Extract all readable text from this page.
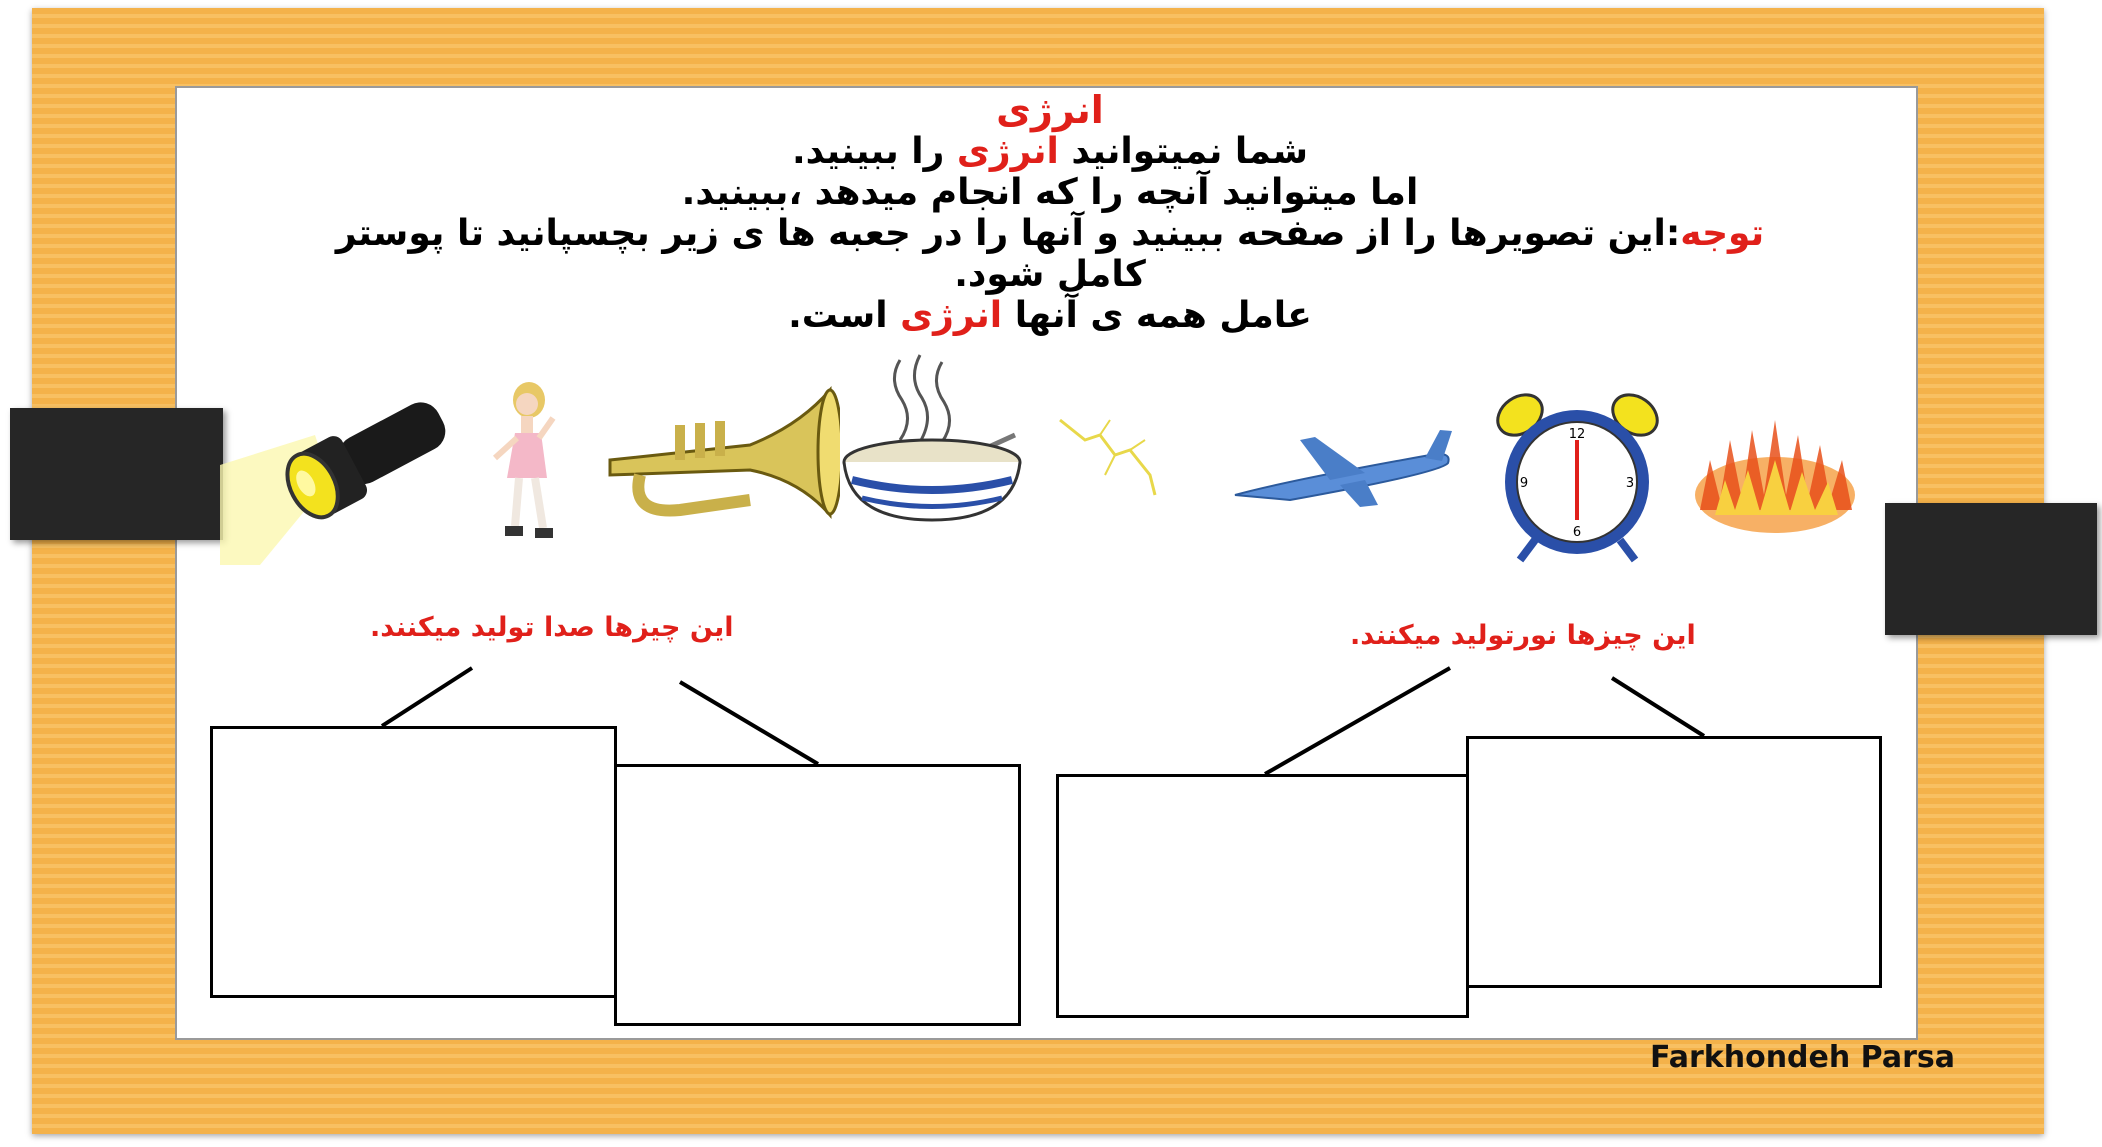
انرژی
شما نمیتوانید انرژی را ببینید.
اما میتوانید آنچه را که انجام میدهد ،ببینید.
توجه:این تصویرها را از صفحه ببینید و آنها را در جعبه ها ی زیر بچسپانید تا پوستر کامل شود.
عامل همه ی آنها انرژی است.
12
3
6
9
این چیزها صدا تولید میکنند.	این چیزها نورتولید میکنند.
Farkhondeh Parsa
